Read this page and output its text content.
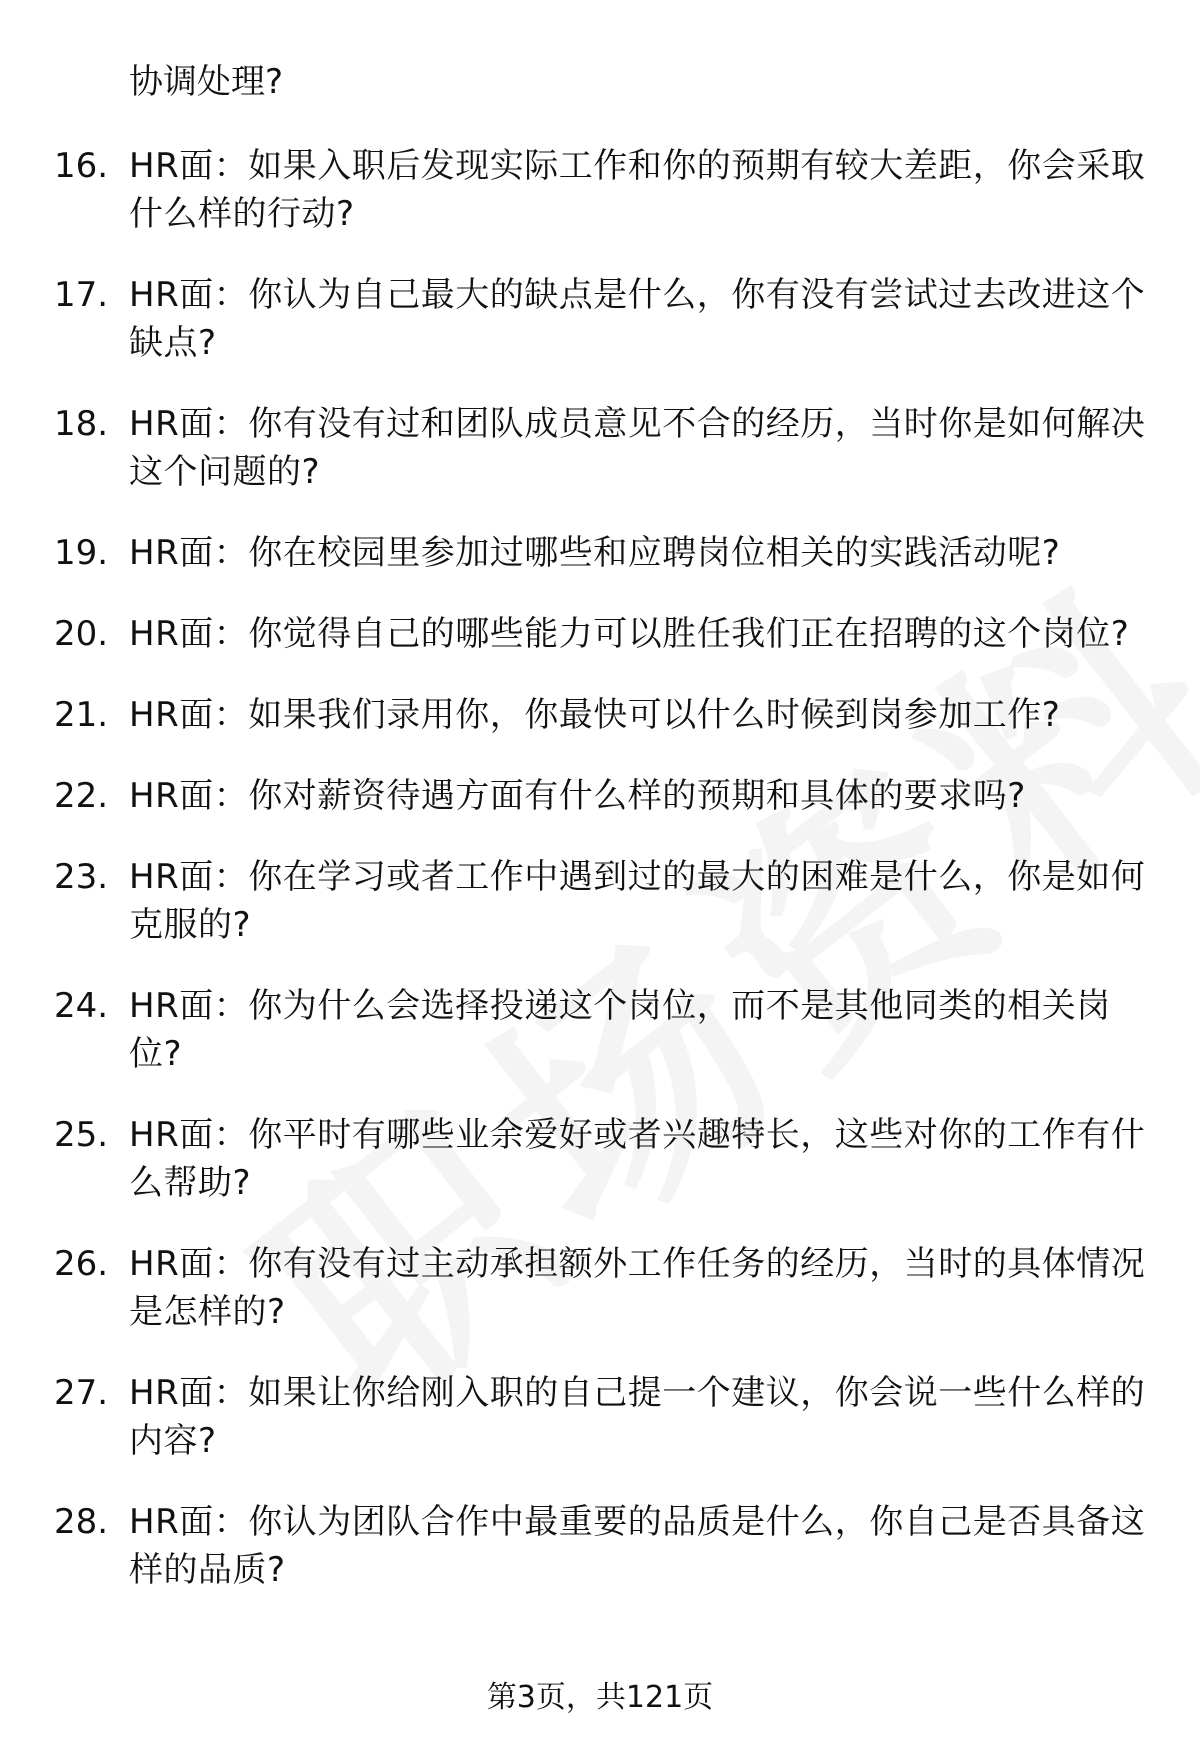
协调处理?

16. HR面：如果入职后发现实际工作和你的预期有较大差距，你会采取什么样的行动?
17. HR面：你认为自己最大的缺点是什么，你有没有尝试过去改进这个缺点?
18. HR面：你有没有过和团队成员意见不合的经历，当时你是如何解决这个问题的?
19. HR面：你在校园里参加过哪些和应聘岗位相关的实践活动呢?
20. HR面：你觉得自己的哪些能力可以胜任我们正在招聘的这个岗位?
21. HR面：如果我们录用你，你最快可以什么时候到岗参加工作?
22. HR面：你对薪资待遇方面有什么样的预期和具体的要求吗?
23. HR面：你在学习或者工作中遇到过的最大的困难是什么，你是如何克服的?
24. HR面：你为什么会选择投递这个岗位，而不是其他同类的相关岗位?
25. HR面：你平时有哪些业余爱好或者兴趣特长，这些对你的工作有什么帮助?
26. HR面：你有没有过主动承担额外工作任务的经历，当时的具体情况是怎样的?
27. HR面：如果让你给刚入职的自己提一个建议，你会说一些什么样的内容?
28. HR面：你认为团队合作中最重要的品质是什么，你自己是否具备这样的品质?
第3页，共121页
